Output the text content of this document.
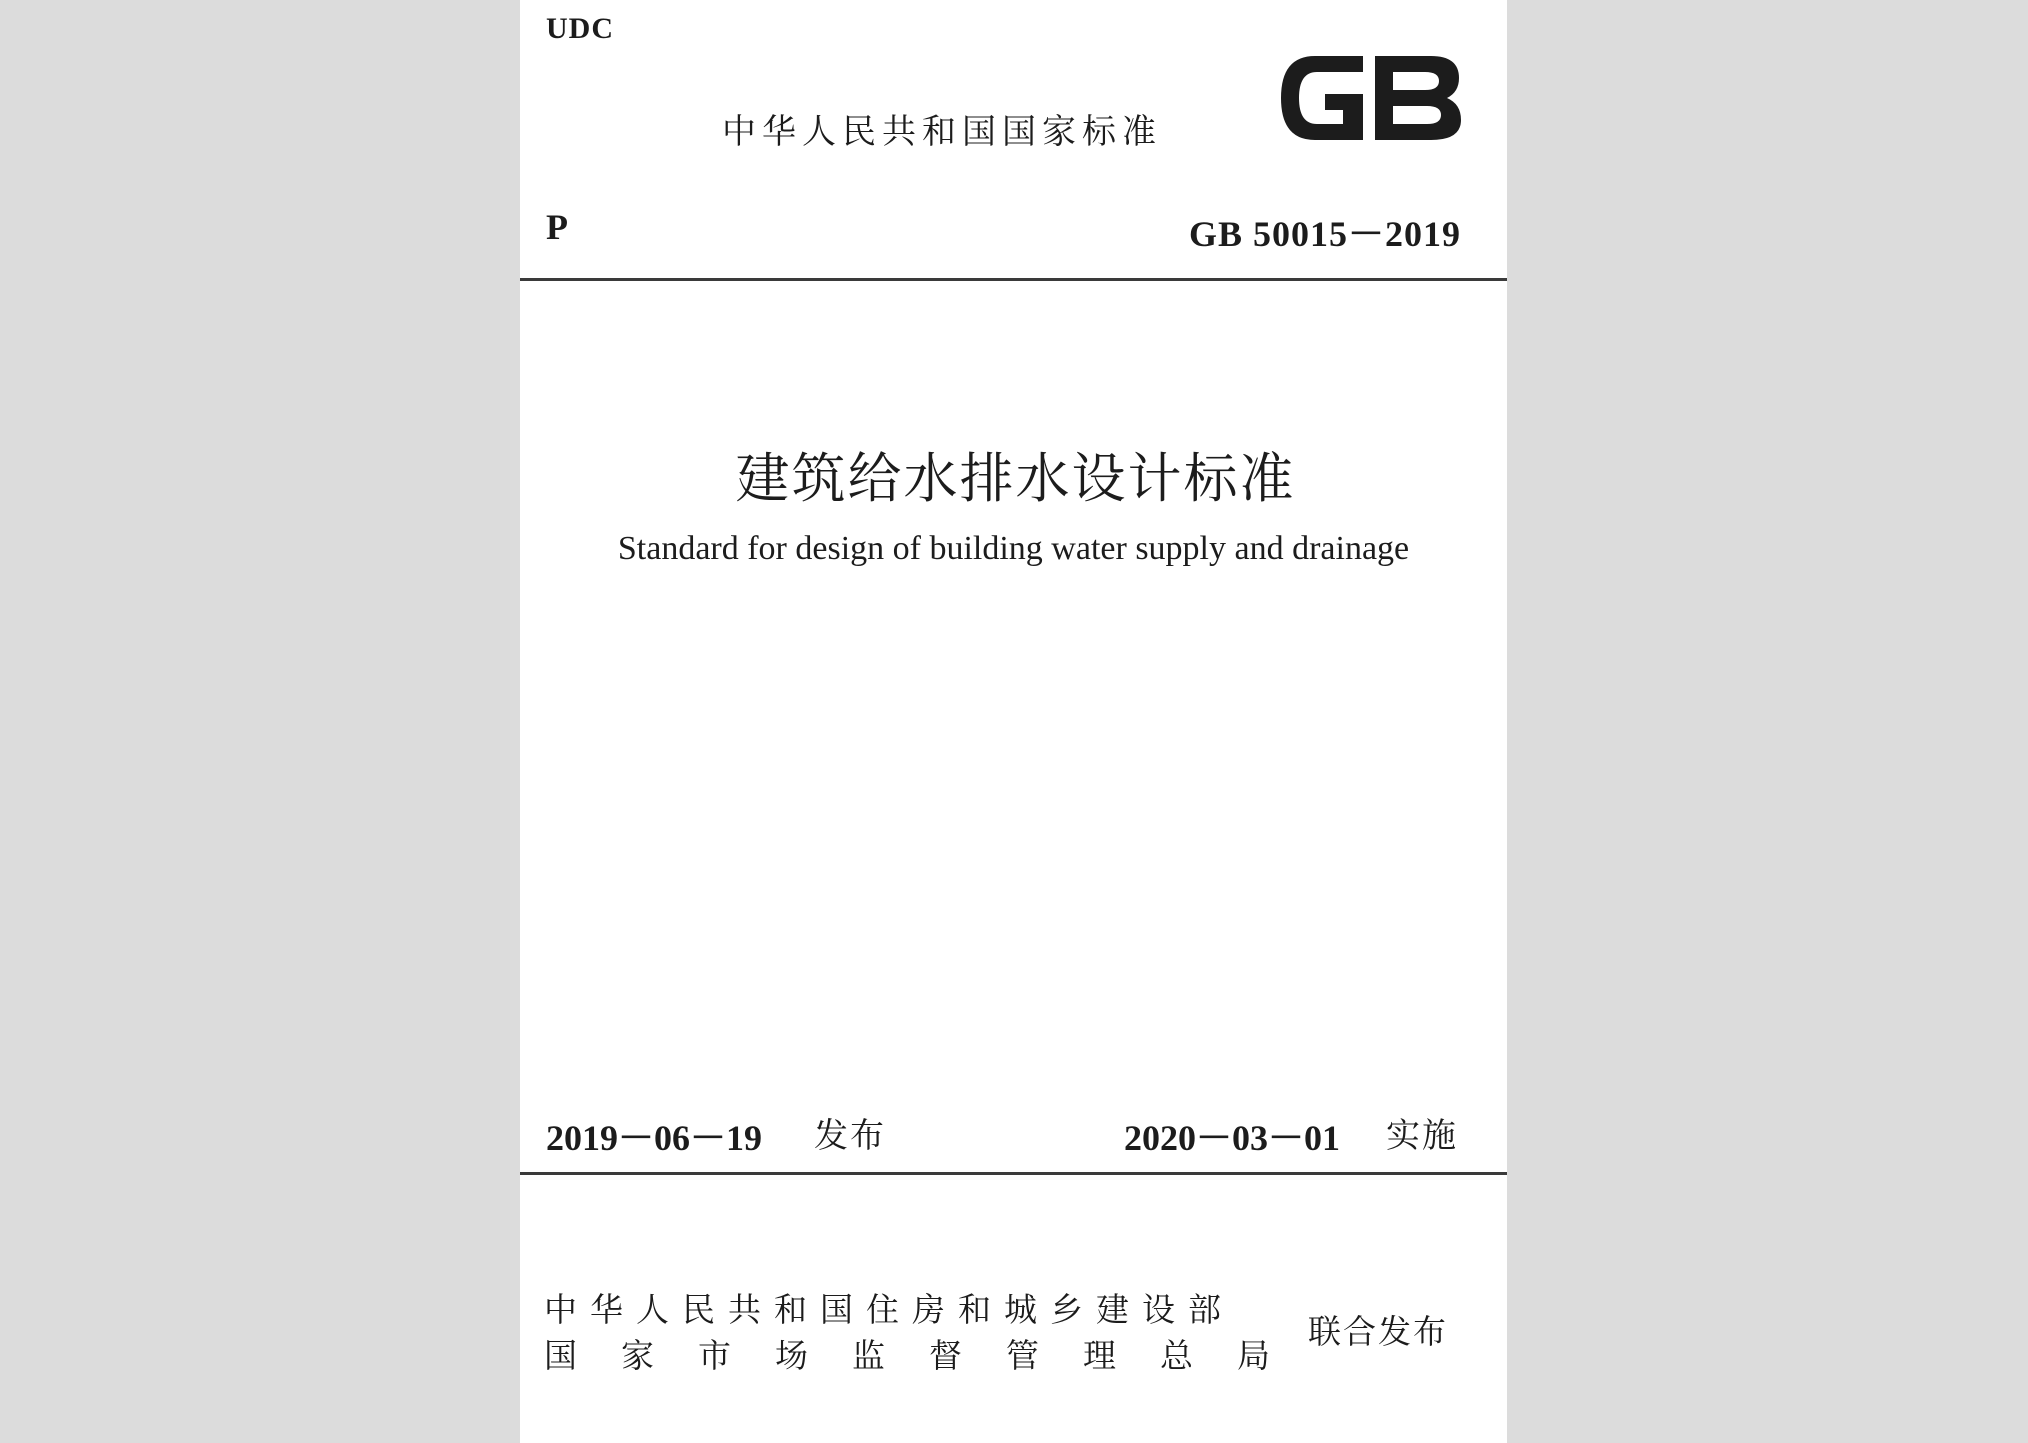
UDC
中华人民共和国国家标准
P	GB 50015－2019
建筑给水排水设计标准
Standard for design of building water supply and drainage
2019－06－19 发布	2020－03－01 实施
中华人民共和国住房和城乡建设部
国家市场监督管理总局
联合发布
